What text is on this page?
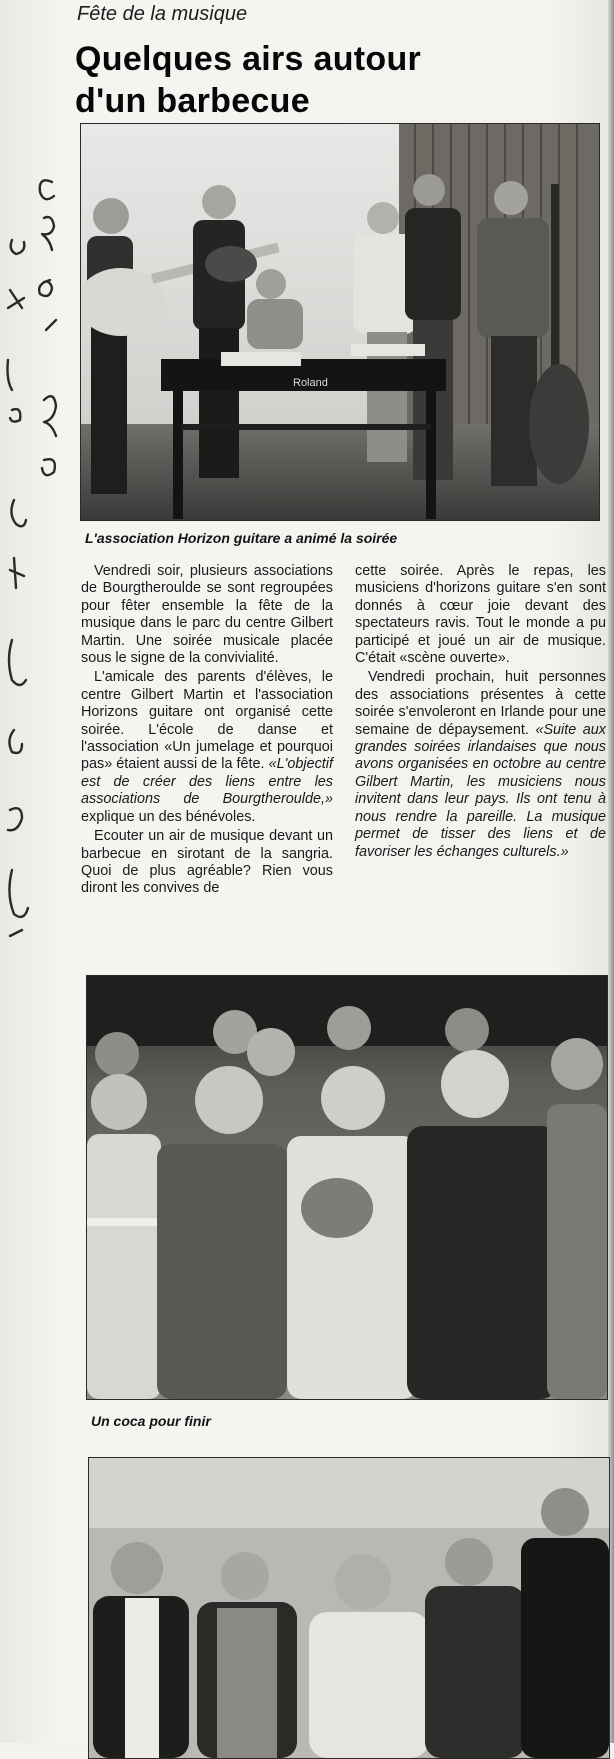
Fête de la musique
Quelques airs autour
d'un barbecue
Roland
L'association Horizon guitare a animé la soirée

Vendredi soir, plusieurs associations de Bourgtheroulde se sont regroupées pour fêter ensemble la fête de la musique dans le parc du centre Gilbert Martin. Une soirée musicale placée sous le signe de la convivialité.

L'amicale des parents d'élèves, le centre Gilbert Martin et l'association Horizons guitare ont organisé cette soirée. L'école de danse et l'association «Un jumelage et pourquoi pas» étaient aussi de la fête. «L'objectif est de créer des liens entre les associations de Bourgtheroulde,» explique un des bénévoles.

Ecouter un air de musique devant un barbecue en sirotant de la sangria. Quoi de plus agréable? Rien vous diront les convives de

cette soirée. Après le repas, les musiciens d'horizons guitare s'en sont donnés à cœur joie devant des spectateurs ravis. Tout le monde a pu participé et joué un air de musique. C'était «scène ouverte».

Vendredi prochain, huit personnes des associations présentes à cette soirée s'envoleront en Irlande pour une semaine de dépaysement. «Suite aux grandes soirées irlandaises que nous avons organisées en octobre au centre Gilbert Martin, les musiciens nous invitent dans leur pays. Ils ont tenu à nous rendre la pareille. La musique permet de tisser des liens et de favoriser les échanges culturels.»

Un coca pour finir
